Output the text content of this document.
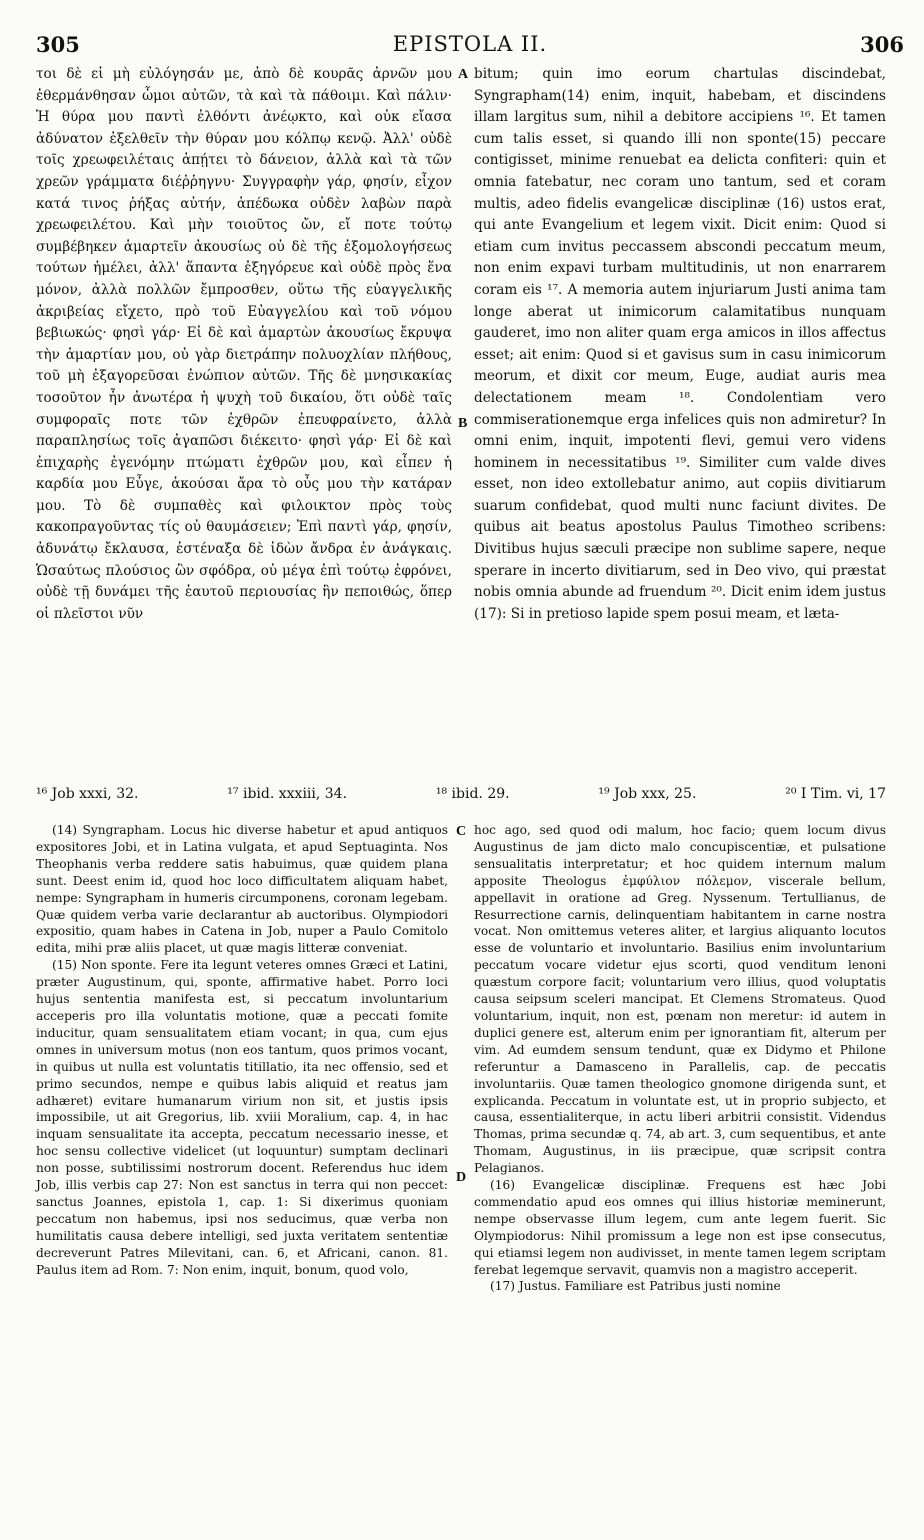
305	EPISTOLA II.	306

τοι δὲ εἰ μὴ εὐλόγησάν με, ἀπὸ δὲ κουρᾶς ἀρνῶν μου ἐθερμάνθησαν ὦμοι αὐτῶν, τὰ καὶ τὰ πάθοιμι. Καὶ πάλιν· Ἡ θύρα μου παντὶ ἐλθόντι ἀνέῳκτο, καὶ οὐκ εἴασα ἀδύνατον ἐξελθεῖν τὴν θύραν μου κόλπῳ κενῷ. Ἀλλ' οὐδὲ τοῖς χρεωφειλέταις ἀπῄτει τὸ δάνειον, ἀλλὰ καὶ τὰ τῶν χρεῶν γράμματα διέῤῥηγνυ· Συγγραφὴν γάρ, φησίν, εἶχον κατά τινος ῥήξας αὐτήν, ἀπέδωκα οὐδὲν λαβὼν παρὰ χρεωφειλέτου. Καὶ μὴν τοιοῦτος ὤν, εἴ ποτε τούτῳ συμβέβηκεν ἁμαρτεῖν ἀκουσίως οὐ δὲ τῆς ἐξομολογήσεως τούτων ἠμέλει, ἀλλ' ἅπαντα ἐξηγόρευε καὶ οὐδὲ πρὸς ἕνα μόνον, ἀλλὰ πολλῶν ἔμπροσθεν, οὕτω τῆς εὐαγγελικῆς ἀκριβείας εἴχετο, πρὸ τοῦ Εὐαγγελίου καὶ τοῦ νόμου βεβιωκώς· φησὶ γάρ· Εἰ δὲ καὶ ἁμαρτὼν ἀκουσίως ἔκρυψα τὴν ἁμαρτίαν μου, οὐ γὰρ διετράπην πολυοχλίαν πλήθους, τοῦ μὴ ἐξαγορεῦσαι ἐνώπιον αὐτῶν. Τῆς δὲ μνησικακίας τοσοῦτον ἦν ἀνωτέρα ἡ ψυχὴ τοῦ δικαίου, ὅτι οὐδὲ ταῖς συμφοραῖς ποτε τῶν ἐχθρῶν ἐπευφραίνετο, ἀλλὰ παραπλησίως τοῖς ἀγαπῶσι διέκειτο· φησὶ γάρ· Εἰ δὲ καὶ ἐπιχαρὴς ἐγενόμην πτώματι ἐχθρῶν μου, καὶ εἶπεν ἡ καρδία μου Εὖγε, ἀκούσαι ἄρα τὸ οὖς μου τὴν κατάραν μου. Τὸ δὲ συμπαθὲς καὶ φιλοικτον πρὸς τοὺς κακοπραγοῦντας τίς οὐ θαυμάσειεν; Ἐπὶ παντὶ γάρ, φησίν, ἀδυνάτῳ ἔκλαυσα, ἐστέναξα δὲ ἰδὼν ἄνδρα ἐν ἀνάγκαις. Ὡσαύτως πλούσιος ὢν σφόδρα, οὐ μέγα ἐπὶ τούτῳ ἐφρόνει, οὐδὲ τῇ δυνάμει τῆς ἑαυτοῦ περιουσίας ἣν πεποιθώς, ὅπερ οἱ πλεῖστοι νῦν

A
B
C
D

bitum; quin imo eorum chartulas discindebat, Syngrapham(14) enim, inquit, habebam, et discindens illam largitus sum, nihil a debitore accipiens ¹⁶. Et tamen cum talis esset, si quando illi non sponte(15) peccare contigisset, minime renuebat ea delicta confiteri: quin et omnia fatebatur, nec coram uno tantum, sed et coram multis, adeo fidelis evangelicæ disciplinæ (16) ustos erat, qui ante Evangelium et legem vixit. Dicit enim: Quod si etiam cum invitus peccassem abscondi peccatum meum, non enim expavi turbam multitudinis, ut non enarrarem coram eis ¹⁷. A memoria autem injuriarum Justi anima tam longe aberat ut inimicorum calamitatibus nunquam gauderet, imo non aliter quam erga amicos in illos affectus esset; ait enim: Quod si et gavisus sum in casu inimicorum meorum, et dixit cor meum, Euge, audiat auris mea delectationem meam ¹⁸. Condolentiam vero commiserationemque erga infelices quis non admiretur? In omni enim, inquit, impotenti flevi, gemui vero videns hominem in necessitatibus ¹⁹. Similiter cum valde dives esset, non ideo extollebatur animo, aut copiis divitiarum suarum confidebat, quod multi nunc faciunt divites. De quibus ait beatus apostolus Paulus Timotheo scribens: Divitibus hujus sæculi præcipe non sublime sapere, neque sperare in incerto divitiarum, sed in Deo vivo, qui præstat nobis omnia abunde ad fruendum ²⁰. Dicit enim idem justus (17): Si in pretioso lapide spem posui meam, et læta-

¹⁶ Job xxxi, 32.	¹⁷ ibid. xxxiii, 34.	¹⁸ ibid. 29.	¹⁹ Job xxx, 25.	²⁰ I Tim. vi, 17

(14) Syngrapham. Locus hic diverse habetur et apud antiquos expositores Jobi, et in Latina vulgata, et apud Septuaginta. Nos Theophanis verba reddere satis habuimus, quæ quidem plana sunt. Deest enim id, quod hoc loco difficultatem aliquam habet, nempe: Syngrapham in humeris circumponens, coronam legebam. Quæ quidem verba varie declarantur ab auctoribus. Olympiodori expositio, quam habes in Catena in Job, nuper a Paulo Comitolo edita, mihi præ aliis placet, ut quæ magis litteræ conveniat.

(15) Non sponte. Fere ita legunt veteres omnes Græci et Latini, præter Augustinum, qui, sponte, affirmative habet. Porro loci hujus sententia manifesta est, si peccatum involuntarium acceperis pro illa voluntatis motione, quæ a peccati fomite inducitur, quam sensualitatem etiam vocant; in qua, cum ejus omnes in universum motus (non eos tantum, quos primos vocant, in quibus ut nulla est voluntatis titillatio, ita nec offensio, sed et primo secundos, nempe e quibus labis aliquid et reatus jam adhæret) evitare humanarum virium non sit, et justis ipsis impossibile, ut ait Gregorius, lib. xviii Moralium, cap. 4, in hac inquam sensualitate ita accepta, peccatum necessario inesse, et hoc sensu collective videlicet (ut loquuntur) sumptam declinari non posse, subtilissimi nostrorum docent. Referendus huc idem Job, illis verbis cap 27: Non est sanctus in terra qui non peccet: sanctus Joannes, epistola 1, cap. 1: Si dixerimus quoniam peccatum non habemus, ipsi nos seducimus, quæ verba non humilitatis causa debere intelligi, sed juxta veritatem sententiæ decreverunt Patres Milevitani, can. 6, et Africani, canon. 81. Paulus item ad Rom. 7: Non enim, inquit, bonum, quod volo,

hoc ago, sed quod odi malum, hoc facio; quem locum divus Augustinus de jam dicto malo concupiscentiæ, et pulsatione sensualitatis interpretatur; et hoc quidem internum malum apposite Theologus ἐμφύλιον πόλεμον, viscerale bellum, appellavit in oratione ad Greg. Nyssenum. Tertullianus, de Resurrectione carnis, delinquentiam habitantem in carne nostra vocat. Non omittemus veteres aliter, et largius aliquanto locutos esse de voluntario et involuntario. Basilius enim involuntarium peccatum vocare videtur ejus scorti, quod venditum lenoni quæstum corpore facit; voluntarium vero illius, quod voluptatis causa seipsum sceleri mancipat. Et Clemens Stromateus. Quod voluntarium, inquit, non est, pœnam non meretur: id autem in duplici genere est, alterum enim per ignorantiam fit, alterum per vim. Ad eumdem sensum tendunt, quæ ex Didymo et Philone referuntur a Damasceno in Parallelis, cap. de peccatis involuntariis. Quæ tamen theologico gnomone dirigenda sunt, et explicanda. Peccatum in voluntate est, ut in proprio subjecto, et causa, essentialiterque, in actu liberi arbitrii consistit. Videndus Thomas, prima secundæ q. 74, ab art. 3, cum sequentibus, et ante Thomam, Augustinus, in iis præcipue, quæ scripsit contra Pelagianos.

(16) Evangelicæ disciplinæ. Frequens est hæc Jobi commendatio apud eos omnes qui illius historiæ meminerunt, nempe observasse illum legem, cum ante legem fuerit. Sic Olympiodorus: Nihil promissum a lege non est ipse consecutus, qui etiamsi legem non audivisset, in mente tamen legem scriptam ferebat legemque servavit, quamvis non a magistro acceperit.

(17) Justus. Familiare est Patribus justi nomine
